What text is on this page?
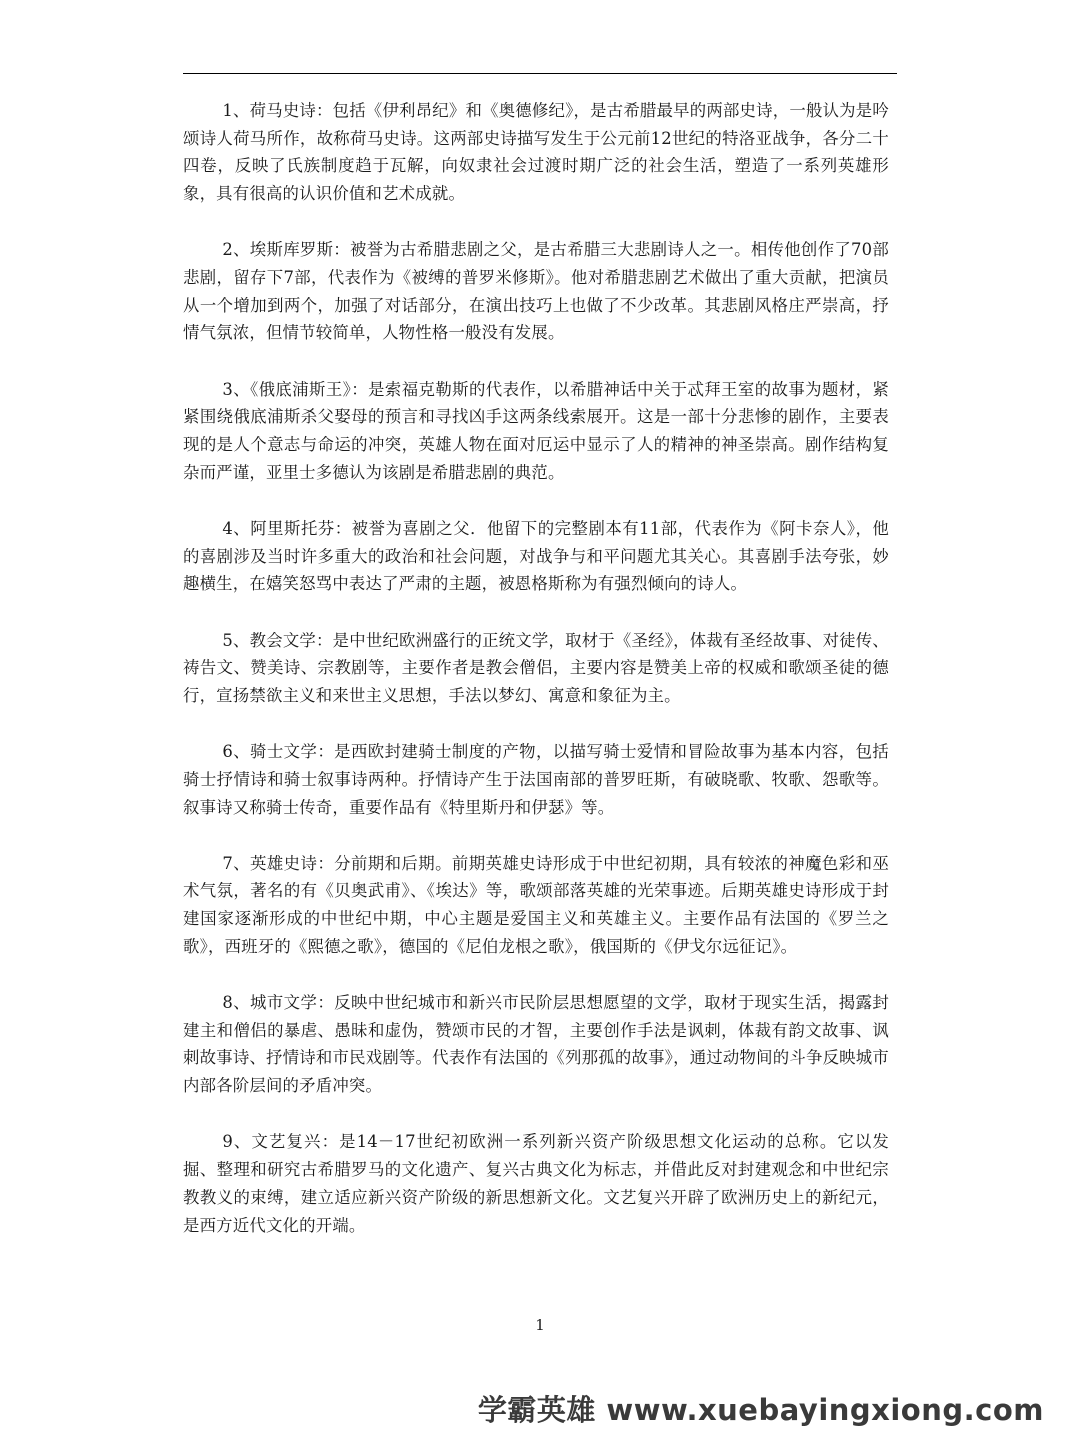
1、荷马史诗：包括《伊利昂纪》和《奥德修纪》，是古希腊最早的两部史诗，一般认为是吟颂诗人荷马所作，故称荷马史诗。这两部史诗描写发生于公元前12世纪的特洛亚战争，各分二十四卷，反映了氏族制度趋于瓦解，向奴隶社会过渡时期广泛的社会生活，塑造了一系列英雄形象，具有很高的认识价值和艺术成就。

2、埃斯库罗斯：被誉为古希腊悲剧之父，是古希腊三大悲剧诗人之一。相传他创作了70部悲剧，留存下7部，代表作为《被缚的普罗米修斯》。他对希腊悲剧艺术做出了重大贡献，把演员从一个增加到两个，加强了对话部分，在演出技巧上也做了不少改革。其悲剧风格庄严崇高，抒情气氛浓，但情节较简单，人物性格一般没有发展。

3、《俄底浦斯王》：是索福克勒斯的代表作，以希腊神话中关于忒拜王室的故事为题材，紧紧围绕俄底浦斯杀父娶母的预言和寻找凶手这两条线索展开。这是一部十分悲惨的剧作，主要表现的是人个意志与命运的冲突，英雄人物在面对厄运中显示了人的精神的神圣崇高。剧作结构复杂而严谨，亚里士多德认为该剧是希腊悲剧的典范。

4、阿里斯托芬：被誉为喜剧之父．他留下的完整剧本有11部，代表作为《阿卡奈人》，他的喜剧涉及当时许多重大的政治和社会问题，对战争与和平问题尤其关心。其喜剧手法夸张，妙趣横生，在嬉笑怒骂中表达了严肃的主题，被恩格斯称为有强烈倾向的诗人。

5、教会文学：是中世纪欧洲盛行的正统文学，取材于《圣经》，体裁有圣经故事、对徒传、祷告文、赞美诗、宗教剧等，主要作者是教会僧侣，主要内容是赞美上帝的权威和歌颂圣徒的德行，宣扬禁欲主义和来世主义思想，手法以梦幻、寓意和象征为主。

6、骑士文学：是西欧封建骑士制度的产物，以描写骑士爱情和冒险故事为基本内容，包括骑士抒情诗和骑士叙事诗两种。抒情诗产生于法国南部的普罗旺斯，有破晓歌、牧歌、怨歌等。叙事诗又称骑士传奇，重要作品有《特里斯丹和伊瑟》等。

7、英雄史诗：分前期和后期。前期英雄史诗形成于中世纪初期，具有较浓的神魔色彩和巫术气氛，著名的有《贝奥武甫》、《埃达》等，歌颂部落英雄的光荣事迹。后期英雄史诗形成于封建国家逐渐形成的中世纪中期，中心主题是爱国主义和英雄主义。主要作品有法国的《罗兰之歌》，西班牙的《熙德之歌》，德国的《尼伯龙根之歌》，俄国斯的《伊戈尔远征记》。

8、城市文学：反映中世纪城市和新兴市民阶层思想愿望的文学，取材于现实生活，揭露封建主和僧侣的暴虐、愚昧和虚伪，赞颂市民的才智，主要创作手法是讽刺，体裁有韵文故事、讽刺故事诗、抒情诗和市民戏剧等。代表作有法国的《列那孤的故事》，通过动物间的斗争反映城市内部各阶层间的矛盾冲突。

9、文艺复兴：是14－17世纪初欧洲一系列新兴资产阶级思想文化运动的总称。它以发掘、整理和研究古希腊罗马的文化遗产、复兴古典文化为标志，并借此反对封建观念和中世纪宗教教义的束缚，建立适应新兴资产阶级的新思想新文化。文艺复兴开辟了欧洲历史上的新纪元，是西方近代文化的开端。

1
学霸英雄 www.xuebayingxiong.com
